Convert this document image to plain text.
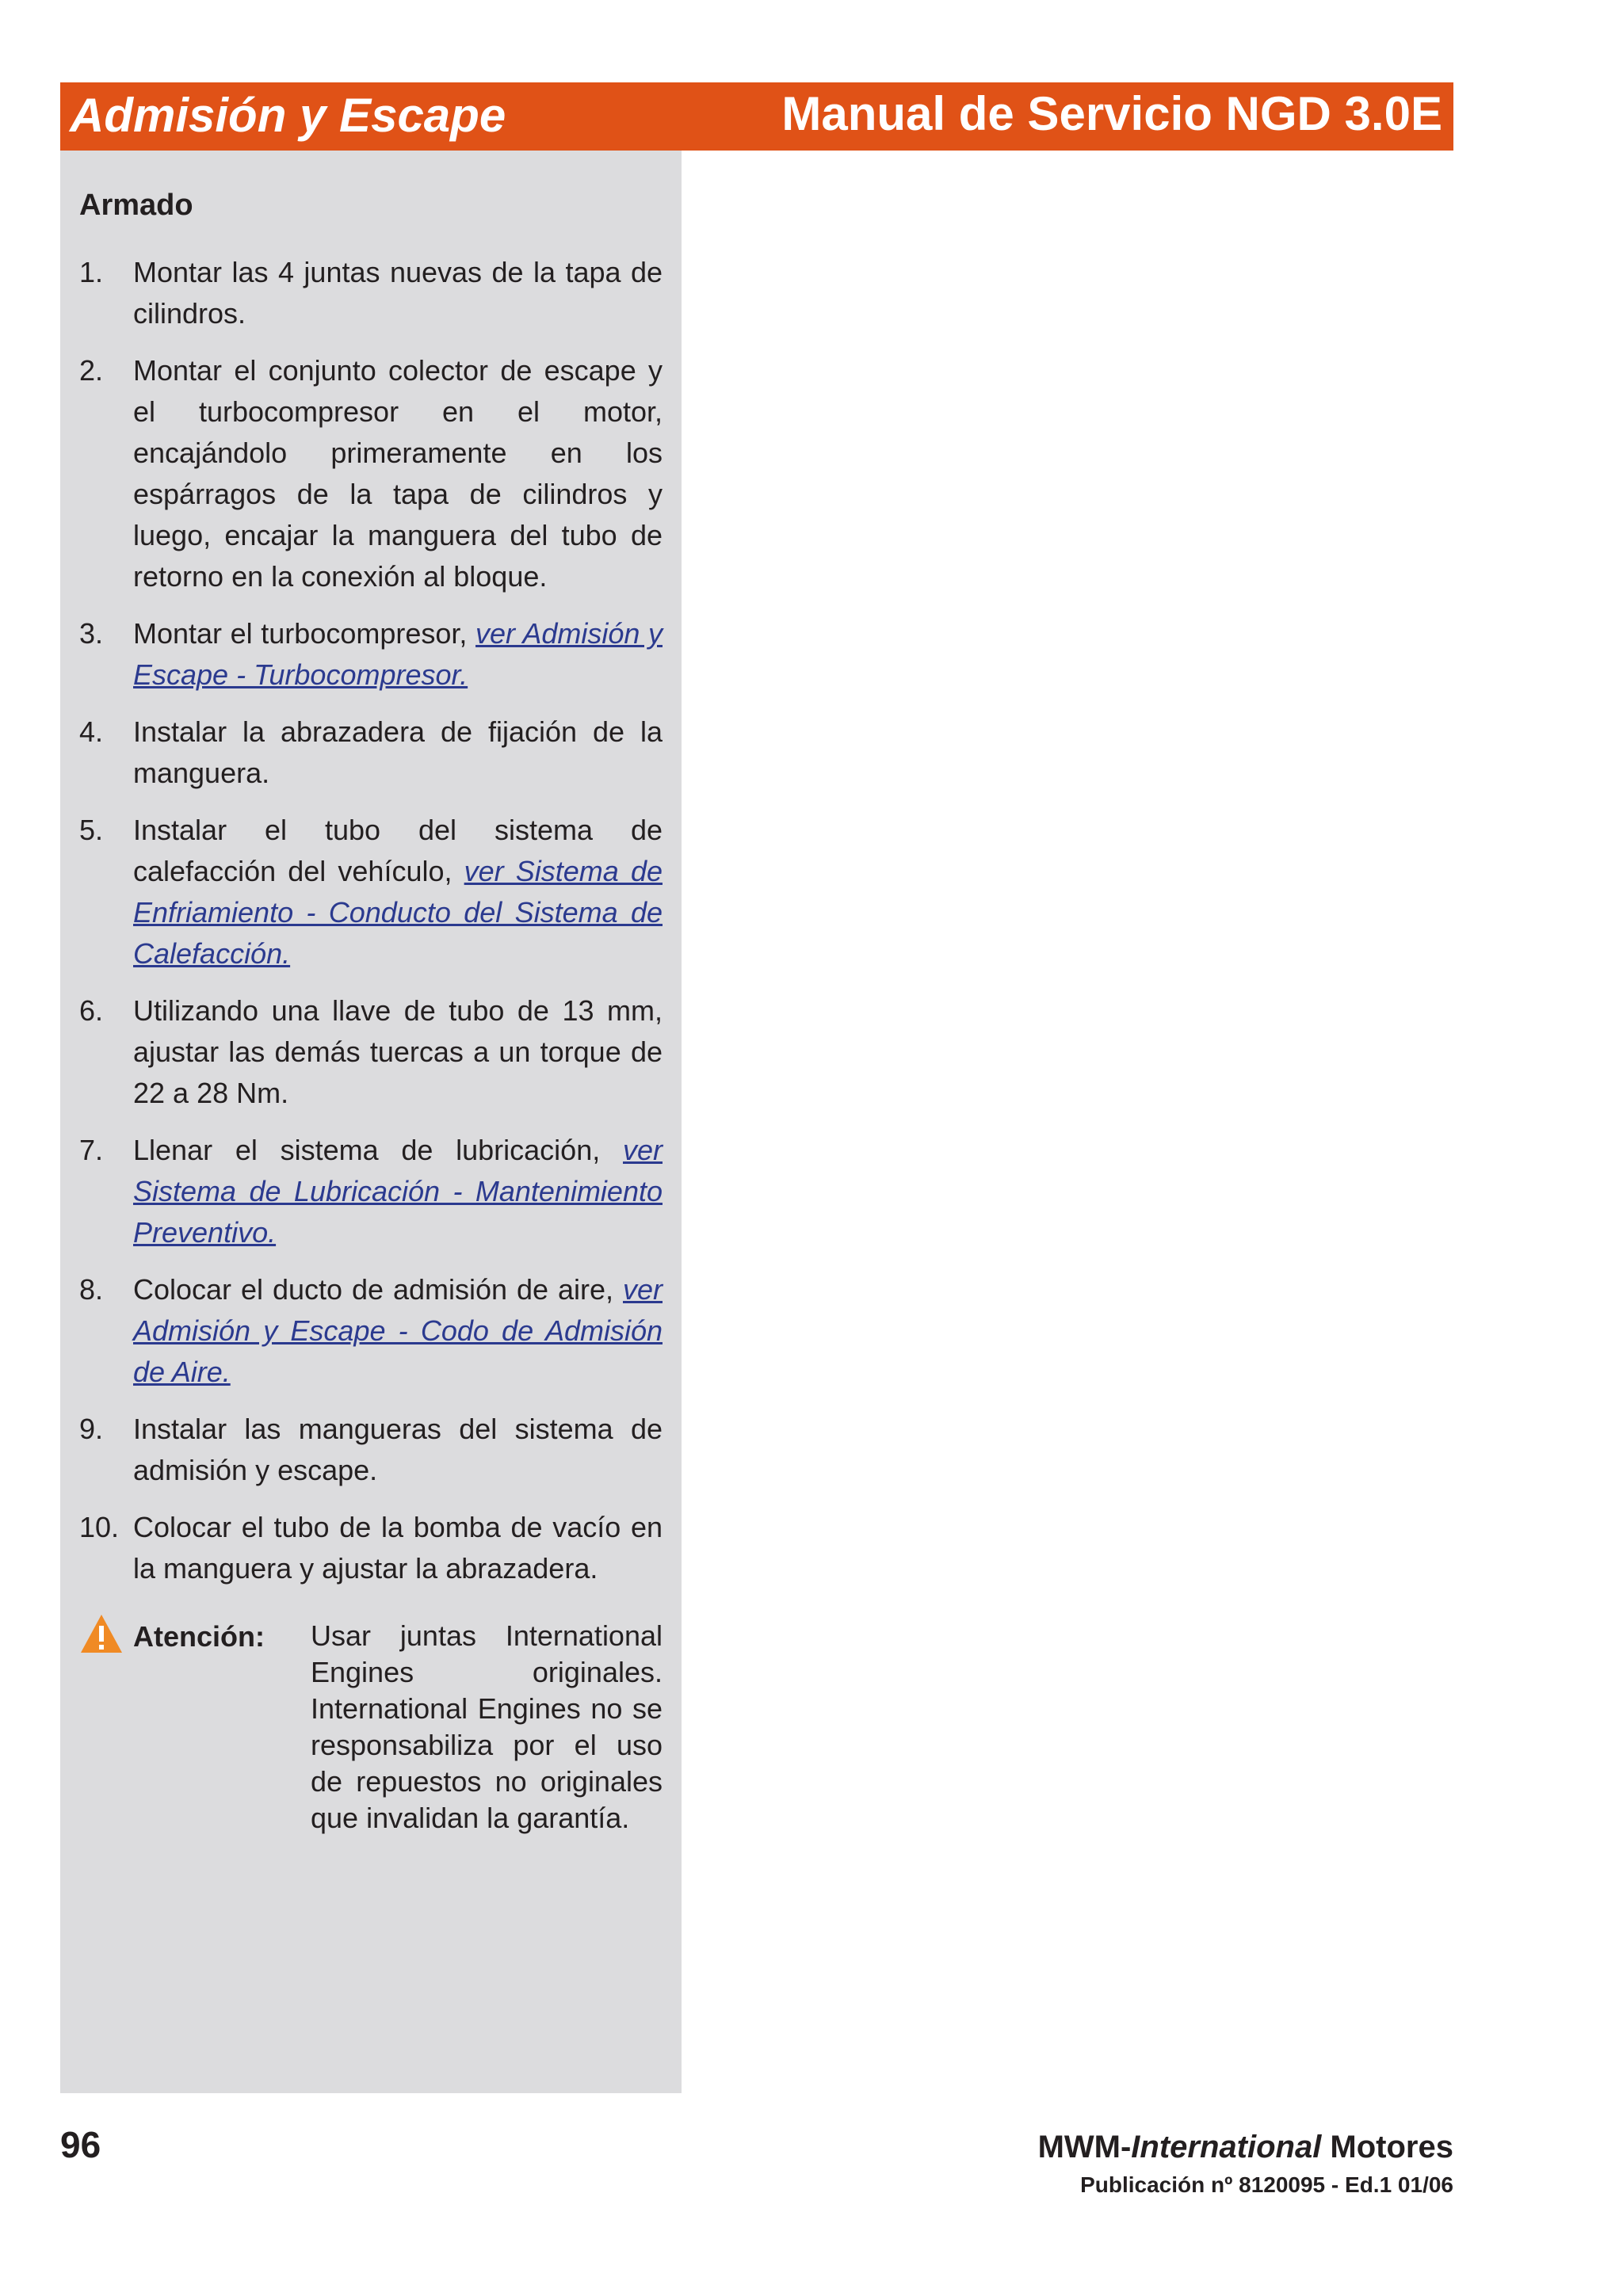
Admisión y Escape	Manual de Servicio NGD 3.0E
Armado
1. Montar las 4 juntas nuevas de la tapa de cilindros.
2. Montar el conjunto colector de escape y el turbocompresor en el motor, encajándolo primeramente en los espárragos de la tapa de cilindros y luego, encajar la manguera del tubo de retorno en la conexión al bloque.
3. Montar el turbocompresor, ver Admisión y Escape - Turbocompresor.
4. Instalar la abrazadera de fijación de la manguera.
5. Instalar el tubo del sistema de calefacción del vehículo, ver Sistema de Enfriamiento - Conducto del Sistema de Calefacción.
6. Utilizando una llave de tubo de 13 mm, ajustar las demás tuercas a un torque de 22 a 28 Nm.
7. Llenar el sistema de lubricación, ver Sistema de Lubricación - Mantenimiento Preventivo.
8. Colocar el ducto de admisión de aire, ver Admisión y Escape - Codo de Admisión de Aire.
9. Instalar las mangueras del sistema de admisión y escape.
10. Colocar el tubo de la bomba de vacío en la manguera y ajustar la abrazadera.
Atención: Usar juntas International Engines originales. International Engines no se responsabiliza por el uso de repuestos no originales que invalidan la garantía.
96	MWM-International Motores
Publicación nº 8120095 - Ed.1 01/06
